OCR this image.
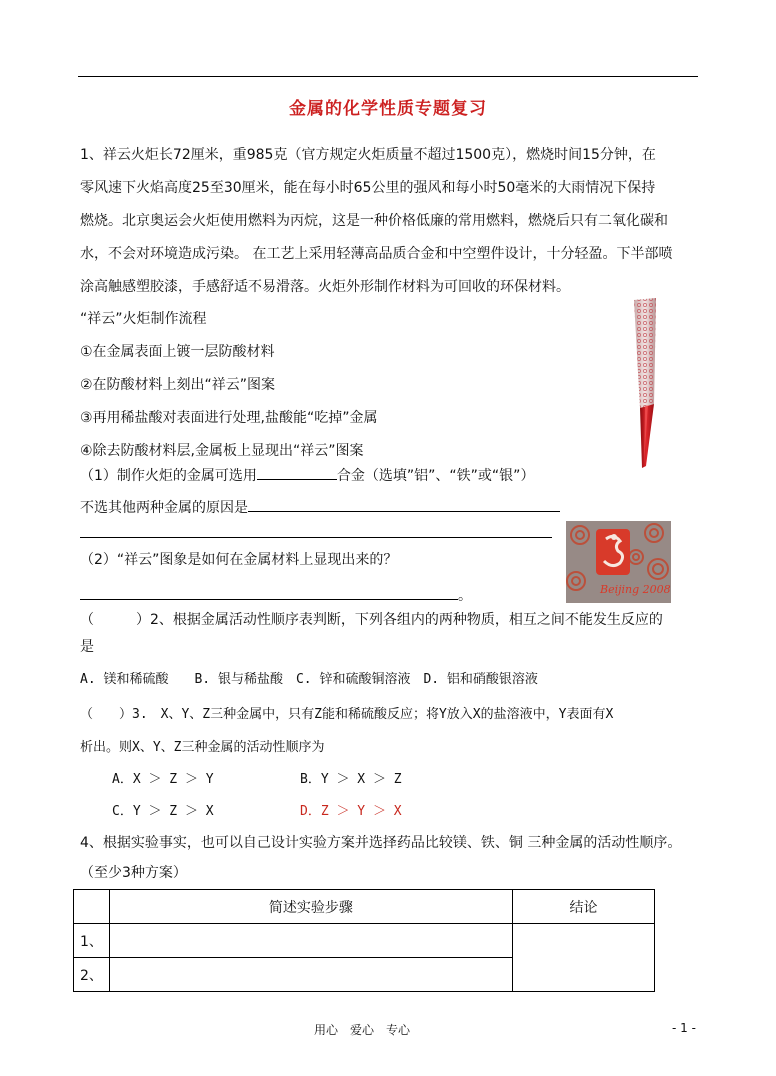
金属的化学性质专题复习
1、祥云火炬长72厘米，重985克（官方规定火炬质量不超过1500克），燃烧时间15分钟，在
零风速下火焰高度25至30厘米，能在每小时65公里的强风和每小时50毫米的大雨情况下保持
燃烧。北京奥运会火炬使用燃料为丙烷，这是一种价格低廉的常用燃料，燃烧后只有二氧化碳和
水，不会对环境造成污染。 在工艺上采用轻薄高品质合金和中空塑件设计，十分轻盈。下半部喷
涂高触感塑胶漆，手感舒适不易滑落。火炬外形制作材料为可回收的环保材料。
“祥云”火炬制作流程
①在金属表面上镀一层防酸材料
②在防酸材料上刻出“祥云”图案
③再用稀盐酸对表面进行处理,盐酸能“吃掉”金属
④除去防酸材料层,金属板上显现出“祥云”图案
（1）制作火炬的金属可选用	合金（选填”铝”、“铁”或“银”）
不选其他两种金属的原因是
（2）“祥云”图象是如何在金属材料上显现出来的？
。	Beijing 2008
（　　　）2、根据金属活动性顺序表判断，下列各组内的两种物质，相互之间不能发生反应的
是
A. 镁和稀硫酸　　B. 银与稀盐酸　C. 锌和硫酸铜溶液　D. 铝和硝酸银溶液
（　　）3.　X、Y、Z三种金属中，只有Z能和稀硫酸反应；将Y放入X的盐溶液中，Y表面有X
析出。则X、Y、Z三种金属的活动性顺序为
A．X ＞ Z ＞ Y	B．Y ＞ X ＞ Z
C．Y ＞ Z ＞ X	D．Z ＞ Y ＞ X
4、根据实验事实，也可以自己设计实验方案并选择药品比较镁、铁、铜 三种金属的活动性顺序。
（至少3种方案）
	简述实验步骤	结论
1、		
2、		
用心　爱心　专心	- 1 -
